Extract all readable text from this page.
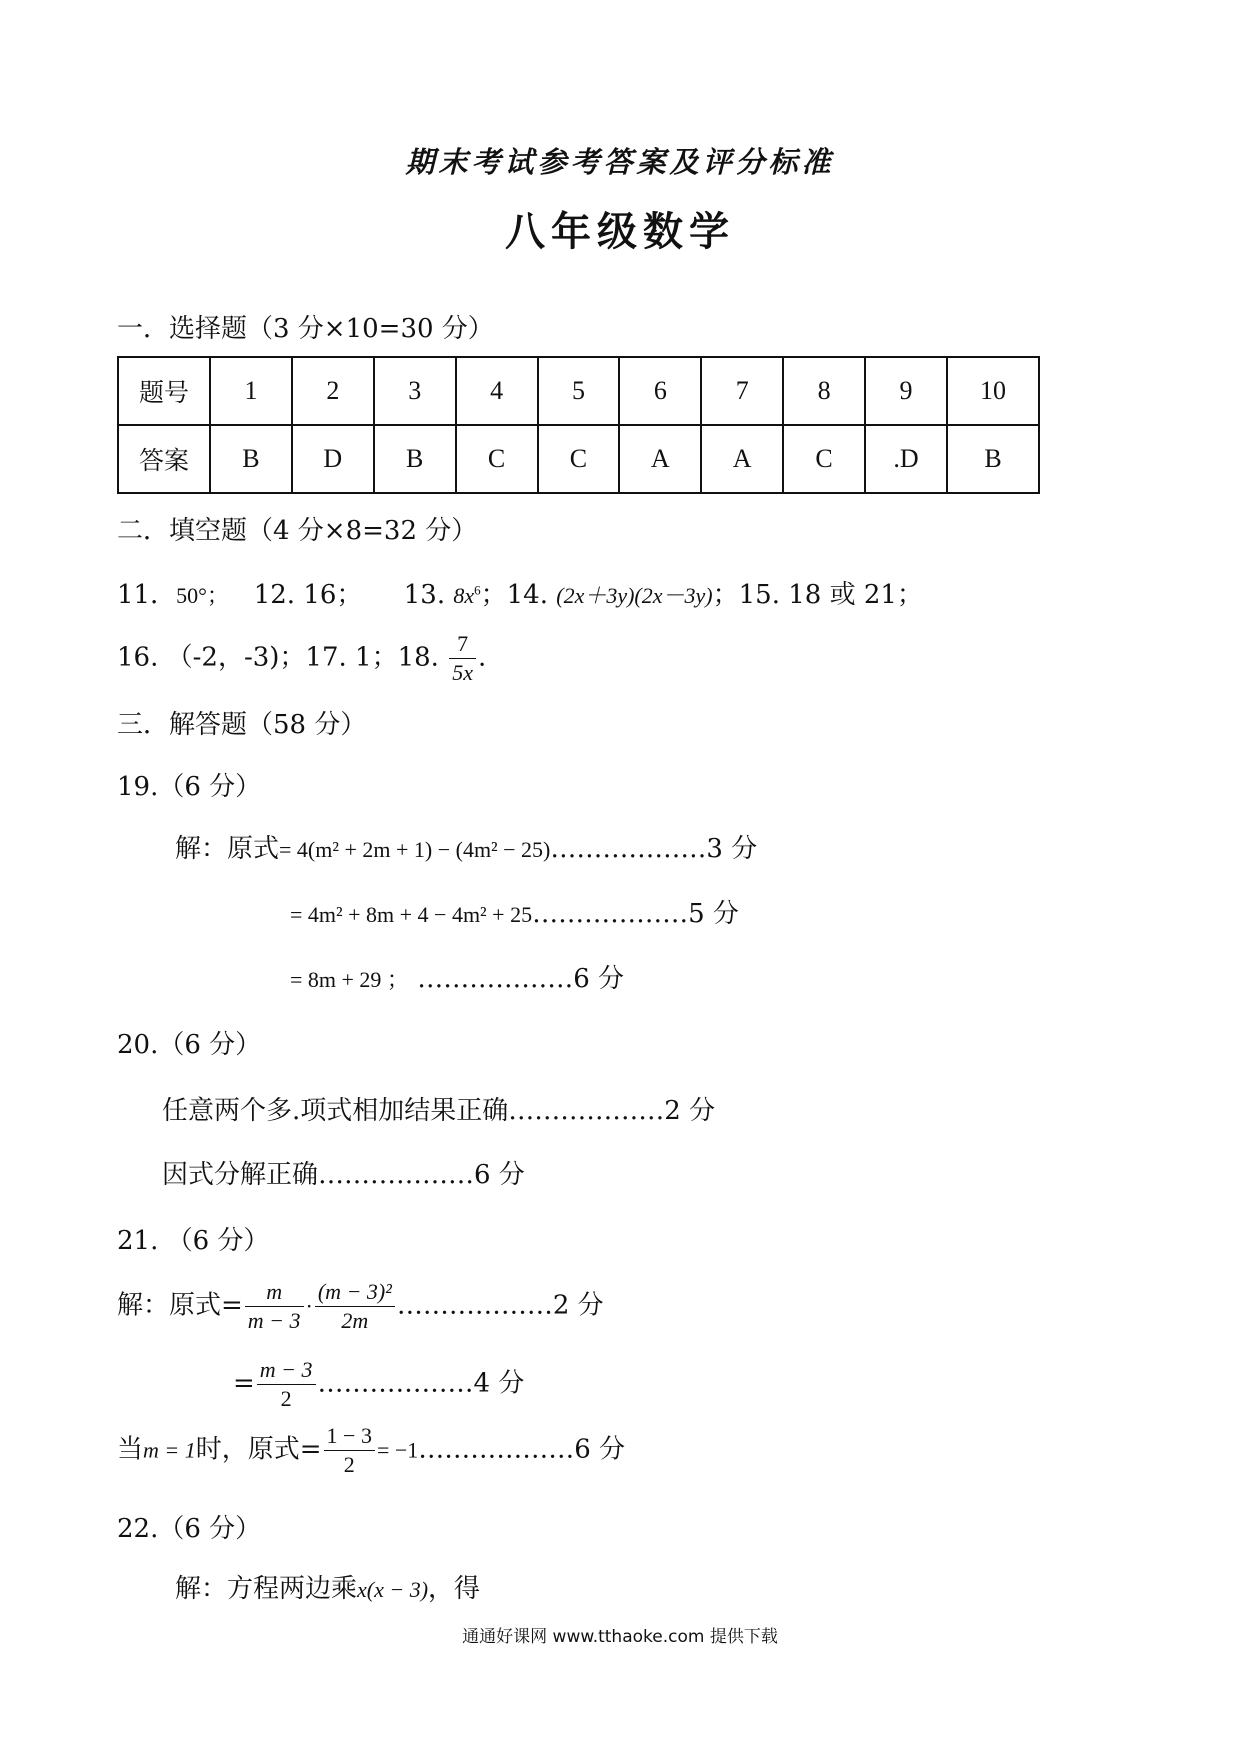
期末考试参考答案及评分标准
八年级数学
一．选择题（3 分×10=30 分）
题号	1	2	3	4	5	6	7	8	9	10
答案	B	D	B	C	C	A	A	C	.D	B
二．填空题（4 分×8=32 分）
11．50°； 12. 16； 13. $8x^6$；14. (2x＋3y)(2x－3y)；15. 18 或 21；
16. （-2，-3)；17. 1；18. $\frac{7}{5x}$ .
三．解答题（58 分）
19.（6 分）
解：原式= 4(m² + 2m + 1) − (4m² − 25)………………3 分
= 4m² + 8m + 4 − 4m² + 25………………5 分
= 8m + 29 ； ………………6 分
20.（6 分）
任意两个多.项式相加结果正确………………2 分
因式分解正确………………6 分
21. （6 分）
解：原式= $\frac{m}{m - 3} \cdot \frac{\text{(m − 3)²}}{2m}$ ………………2 分
= $\frac{m - 3}{2}$ ………………4 分
当m = 1时，原式= $\frac{1 - 3}{2}$ = −1………………6 分
22.（6 分）
解：方程两边乘x(x − 3)，得
通通好课网 www.tthaoke.com 提供下载
